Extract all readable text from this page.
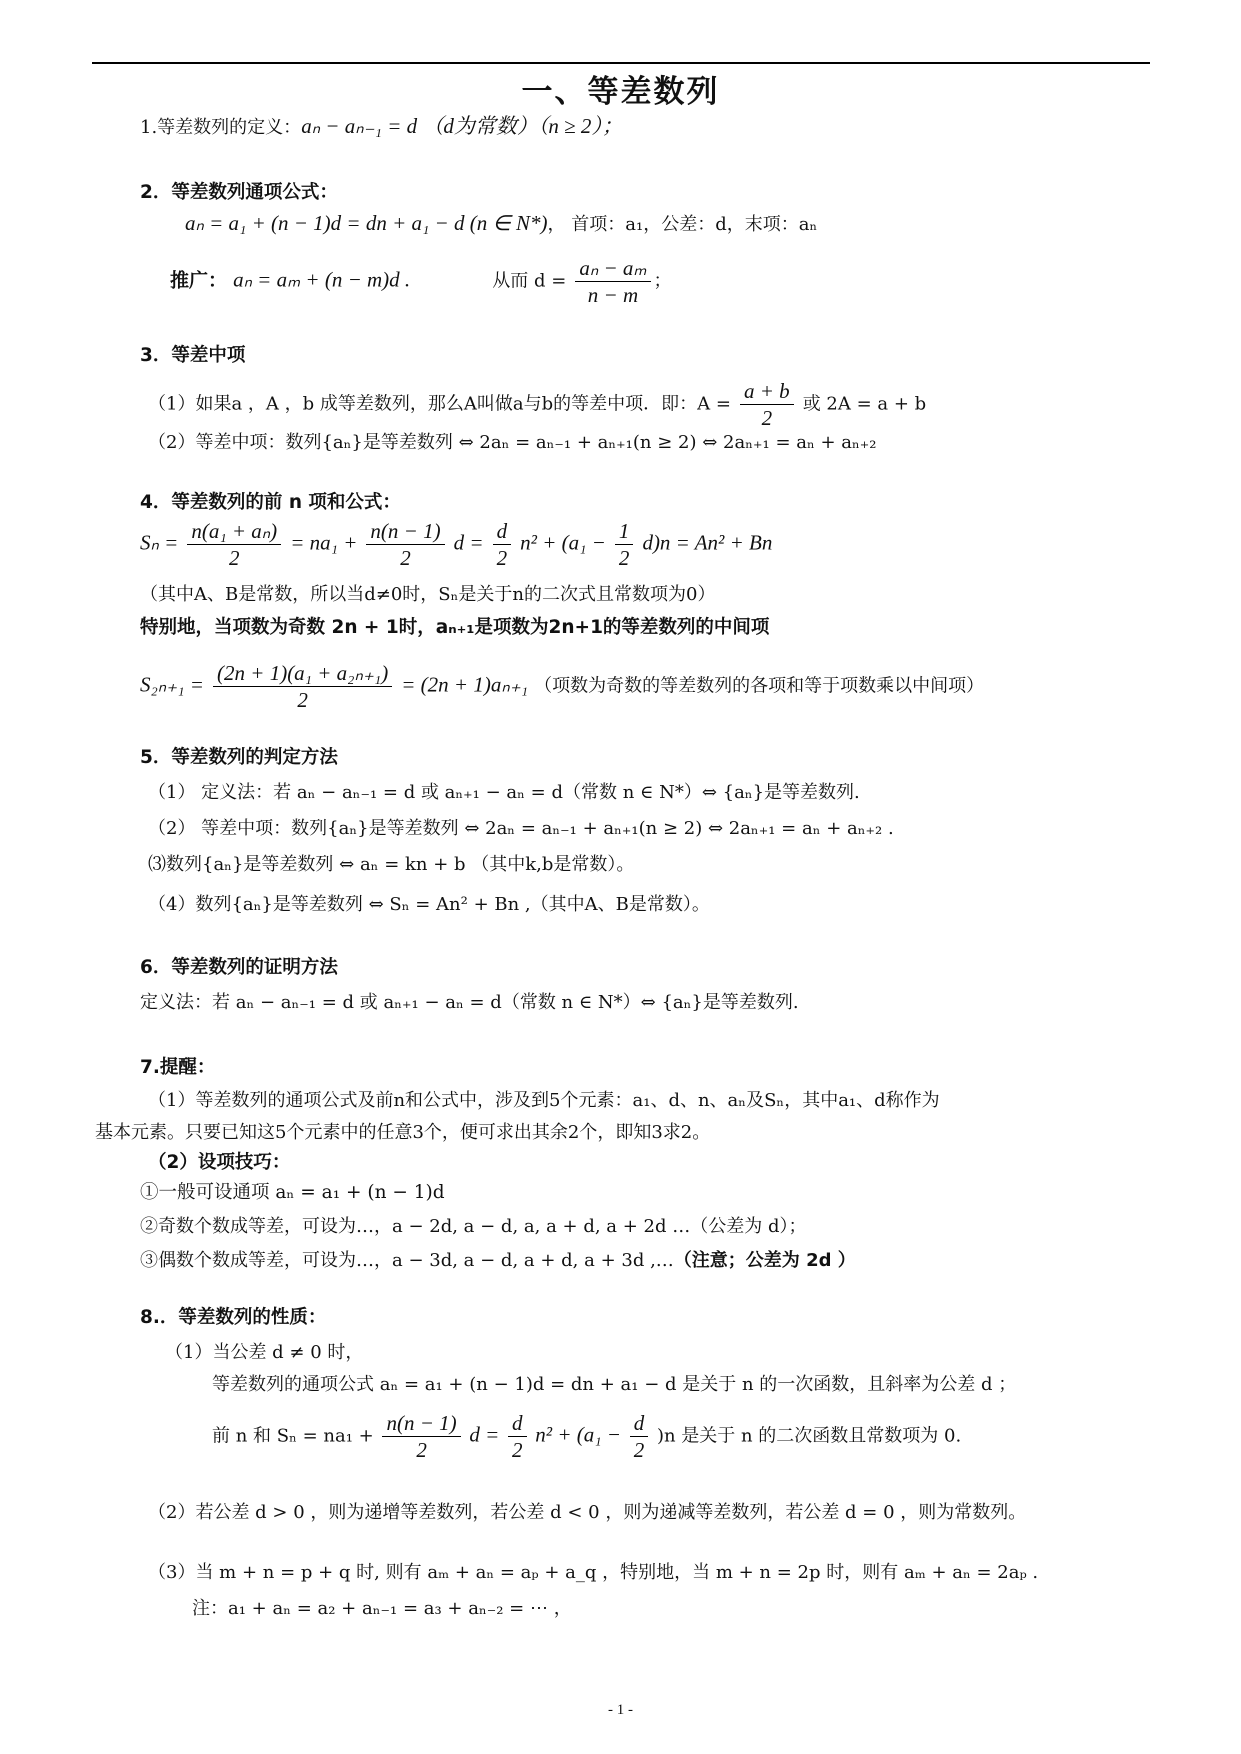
一、等差数列
1.等差数列的定义：aₙ − aₙ₋₁ = d （d为常数）（n ≥ 2）；
2．等差数列通项公式：
aₙ = a₁ + (n − 1)d = dn + a₁ − d (n ∈ N*)， 首项：a₁，公差：d，末项：aₙ
推广： aₙ = aₘ + (n − m)d .	从而 $d = \frac{\text{aₙ − aₘ}}{n - m}$ ；
3．等差中项
（1）如果a ，A ，b 成等差数列，那么A叫做a与b的等差中项．即：$A = \frac{a + b}{2}$ 或 2A = a + b
（2）等差中项：数列{aₙ}是等差数列 ⇔ 2aₙ = aₙ₋₁ + aₙ₊₁(n ≥ 2) ⇔ 2aₙ₊₁ = aₙ + aₙ₊₂
4．等差数列的前 n 项和公式：
$S_n = \frac{\text{n(a₁ + aₙ)}}{2} = na_1 + \frac{n(n - 1)}{2}$ $d = \frac{d}{2} n^2 + (a_1 - \frac{1}{2} d)n = An^2 + Bn$
（其中A、B是常数，所以当d≠0时，Sₙ是关于n的二次式且常数项为0）
特别地，当项数为奇数 2n + 1时，aₙ₊₁是项数为2n+1的等差数列的中间项
$S_{2n+1} = \frac{\text{(2n + 1)(a₁ + a₂ₙ₊₁)}}{2} = (2n + 1)a_{n+1}$ （项数为奇数的等差数列的各项和等于项数乘以中间项）
5．等差数列的判定方法
（1） 定义法：若 aₙ − aₙ₋₁ = d 或 aₙ₊₁ − aₙ = d（常数 n ∈ N*）⇔ {aₙ}是等差数列.
（2） 等差中项：数列{aₙ}是等差数列 ⇔ 2aₙ = aₙ₋₁ + aₙ₊₁(n ≥ 2) ⇔ 2aₙ₊₁ = aₙ + aₙ₊₂ .
⑶数列{aₙ}是等差数列 ⇔ aₙ = kn + b （其中k,b是常数）。
（4）数列{aₙ}是等差数列 ⇔ Sₙ = An² + Bn ,（其中A、B是常数）。
6．等差数列的证明方法
定义法：若 aₙ − aₙ₋₁ = d 或 aₙ₊₁ − aₙ = d（常数 n ∈ N*）⇔ {aₙ}是等差数列.
7.提醒：
（1）等差数列的通项公式及前n和公式中，涉及到5个元素：a₁、d、n、aₙ及Sₙ，其中a₁、d称作为
基本元素。只要已知这5个元素中的任意3个，便可求出其余2个，即知3求2。
（2）设项技巧：
①一般可设通项 aₙ = a₁ + (n − 1)d
②奇数个数成等差，可设为…，a − 2d, a − d, a, a + d, a + 2d …（公差为 d）；
③偶数个数成等差，可设为…，a − 3d, a − d, a + d, a + 3d ,…（注意；公差为 2d ）
8.．等差数列的性质：
（1）当公差 d ≠ 0 时，
等差数列的通项公式 aₙ = a₁ + (n − 1)d = dn + a₁ − d 是关于 n 的一次函数，且斜率为公差 d ；
前 n 和 $S_n = na_1 + \frac{n(n - 1)}{2}$ $d = \frac{d}{2} n^2 + (a_1 - \frac{d}{2} )n$ 是关于 n 的二次函数且常数项为 0.
（2）若公差 d > 0 ，则为递增等差数列，若公差 d < 0 ，则为递减等差数列，若公差 d = 0 ，则为常数列。
（3）当 m + n = p + q 时, 则有 aₘ + aₙ = aₚ + a_q ，特别地，当 m + n = 2p 时，则有 aₘ + aₙ = 2aₚ .
注：a₁ + aₙ = a₂ + aₙ₋₁ = a₃ + aₙ₋₂ = ⋯ ，
- 1 -
